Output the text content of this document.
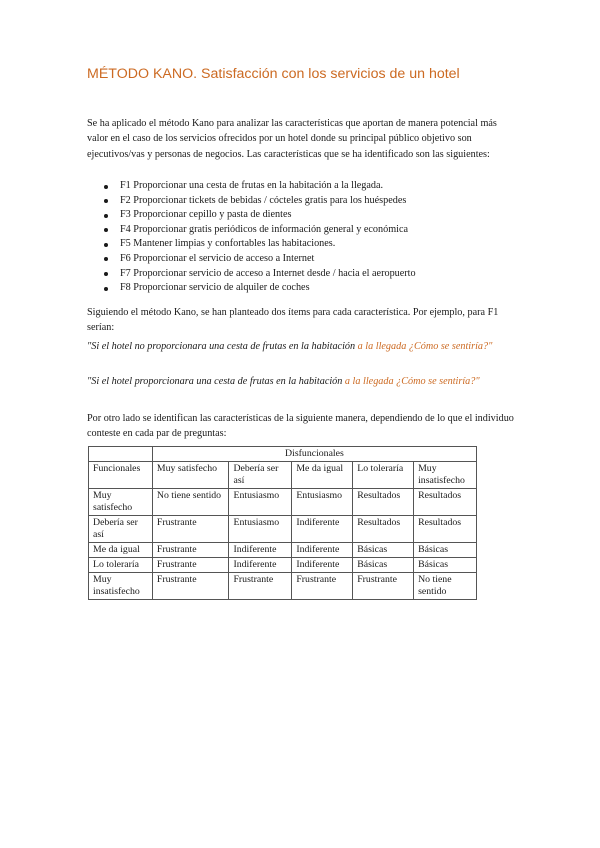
MÉTODO KANO. Satisfacción con los servicios de un hotel

Se ha aplicado el método Kano para analizar las características que aportan de manera potencial más valor en el caso de los servicios ofrecidos por un hotel donde su principal público objetivo son ejecutivos/vas y personas de negocios. Las características que se ha identificado son las siguientes:

F1 Proporcionar una cesta de frutas en la habitación a la llegada.
F2 Proporcionar tickets de bebidas / cócteles gratis para los huéspedes
F3 Proporcionar cepillo y pasta de dientes
F4 Proporcionar gratis periódicos de información general y económica
F5 Mantener limpias y confortables las habitaciones.
F6 Proporcionar el servicio de acceso a Internet
F7 Proporcionar servicio de acceso a Internet desde / hacia el aeropuerto
F8 Proporcionar servicio de alquiler de coches

Siguiendo el método Kano, se han planteado dos ítems para cada característica. Por ejemplo, para F1 serían:

"Si el hotel no proporcionara una cesta de frutas en la habitación a la llegada ¿Cómo se sentiría?"

"Si el hotel proporcionara una cesta de frutas en la habitación a la llegada ¿Cómo se sentiría?"

Por otro lado se identifican las características de la siguiente manera, dependiendo de lo que el individuo conteste en cada par de preguntas:

	Disfuncionales				
Funcionales	Muy satisfecho	Debería ser así	Me da igual	Lo toleraría	Muy insatisfecho
Muy satisfecho	No tiene sentido	Entusiasmo	Entusiasmo	Resultados	Resultados
Debería ser así	Frustrante	Entusiasmo	Indiferente	Resultados	Resultados
Me da igual	Frustrante	Indiferente	Indiferente	Básicas	Básicas
Lo toleraría	Frustrante	Indiferente	Indiferente	Básicas	Básicas
Muy insatisfecho	Frustrante	Frustrante	Frustrante	Frustrante	No tiene sentido
